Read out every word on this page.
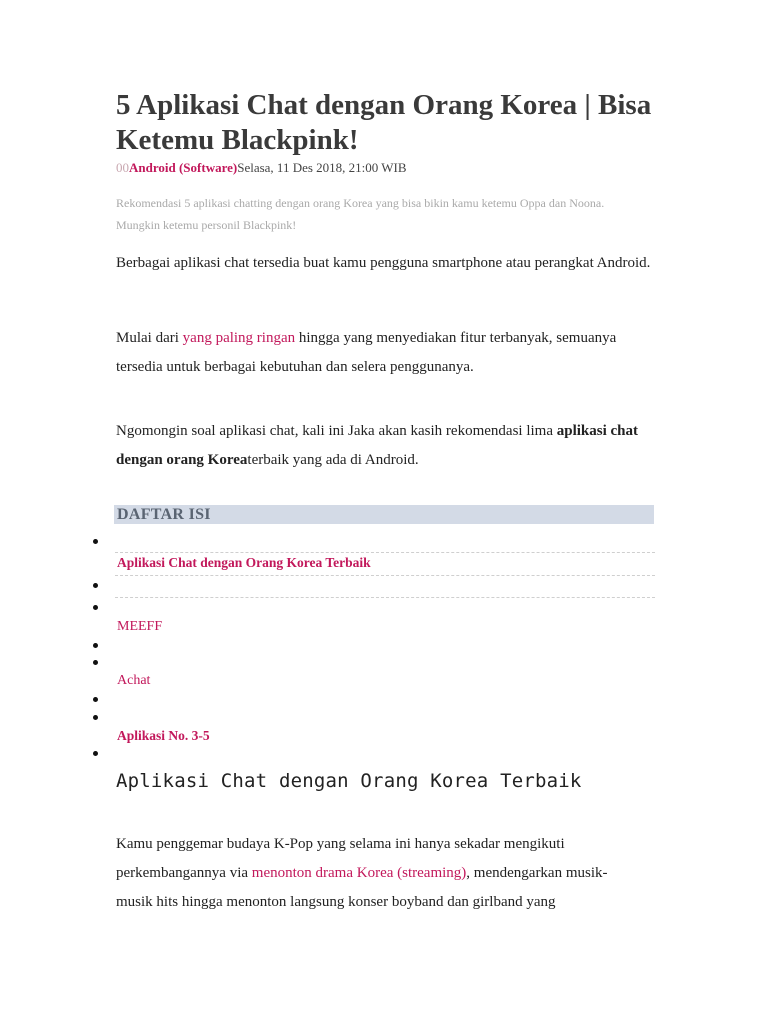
5 Aplikasi Chat dengan Orang Korea | Bisa Ketemu Blackpink!
00Android (Software)Selasa, 11 Des 2018, 21:00 WIB
Rekomendasi 5 aplikasi chatting dengan orang Korea yang bisa bikin kamu ketemu Oppa dan Noona. Mungkin ketemu personil Blackpink!
Berbagai aplikasi chat tersedia buat kamu pengguna smartphone atau perangkat Android.
Mulai dari yang paling ringan hingga yang menyediakan fitur terbanyak, semuanya tersedia untuk berbagai kebutuhan dan selera penggunanya.
Ngomongin soal aplikasi chat, kali ini Jaka akan kasih rekomendasi lima aplikasi chat dengan orang Koreaterbaik yang ada di Android.
DAFTAR ISI
Aplikasi Chat dengan Orang Korea Terbaik
MEEFF
Achat
Aplikasi No. 3-5
Aplikasi Chat dengan Orang Korea Terbaik
Kamu penggemar budaya K-Pop yang selama ini hanya sekadar mengikuti perkembangannya via menonton drama Korea (streaming), mendengarkan musik-musik hits hingga menonton langsung konser boyband dan girlband yang
